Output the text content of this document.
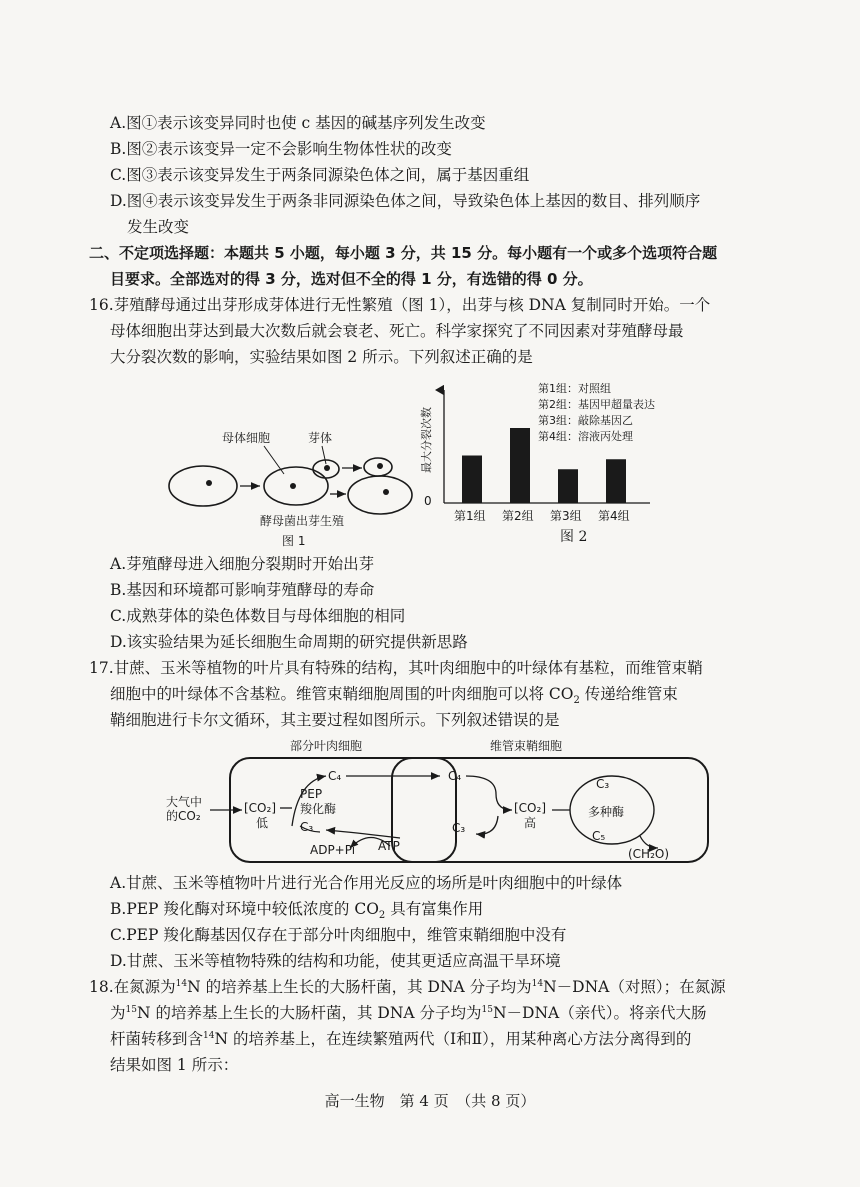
A.图①表示该变异同时也使 c 基因的碱基序列发生改变
B.图②表示该变异一定不会影响生物体性状的改变
C.图③表示该变异发生于两条同源染色体之间，属于基因重组
D.图④表示该变异发生于两条非同源染色体之间，导致染色体上基因的数目、排列顺序
发生改变
二、不定项选择题：本题共 5 小题，每小题 3 分，共 15 分。每小题有一个或多个选项符合题
目要求。全部选对的得 3 分，选对但不全的得 1 分，有选错的得 0 分。
16.芽殖酵母通过出芽形成芽体进行无性繁殖（图 1），出芽与核 DNA 复制同时开始。一个
母体细胞出芽达到最大次数后就会衰老、死亡。科学家探究了不同因素对芽殖酵母最
大分裂次数的影响，实验结果如图 2 所示。下列叙述正确的是
母体细胞	芽体
酵母菌出芽生殖
图 1
最大分裂次数
0
第1组 第2组 第3组 第4组
第1组：对照组
第2组：基因甲超量表达
第3组：敲除基因乙
第4组：溶液丙处理
图 2
A.芽殖酵母进入细胞分裂期时开始出芽
B.基因和环境都可影响芽殖酵母的寿命
C.成熟芽体的染色体数目与母体细胞的相同
D.该实验结果为延长细胞生命周期的研究提供新思路
17.甘蔗、玉米等植物的叶片具有特殊的结构，其叶肉细胞中的叶绿体有基粒，而维管束鞘
细胞中的叶绿体不含基粒。维管束鞘细胞周围的叶肉细胞可以将 $CO_2$ 传递给维管束
鞘细胞进行卡尔文循环，其主要过程如图所示。下列叙述错误的是
部分叶肉细胞	维管束鞘细胞
大气中
的CO₂
[CO₂]
低
PEP
羧化酶
C₄
C₃
ADP+Pi ATP
C₄
[CO₂]
高
C₃
C₃
多种酶
C₅
(CH₂O)
A.甘蔗、玉米等植物叶片进行光合作用光反应的场所是叶肉细胞中的叶绿体
B.PEP 羧化酶对环境中较低浓度的 $CO_2$ 具有富集作用
C.PEP 羧化酶基因仅存在于部分叶肉细胞中，维管束鞘细胞中没有
D.甘蔗、玉米等植物特殊的结构和功能，使其更适应高温干旱环境
18.在氮源为$^{14}$N 的培养基上生长的大肠杆菌，其 DNA 分子均为$^{14}$N－DNA（对照）；在氮源
为$^{15}$N 的培养基上生长的大肠杆菌，其 DNA 分子均为$^{15}$N－DNA（亲代）。将亲代大肠
杆菌转移到含$^{14}$N 的培养基上，在连续繁殖两代（Ⅰ和Ⅱ），用某种离心方法分离得到的
结果如图 1 所示：
高一生物　第 4 页　（共 8 页）
